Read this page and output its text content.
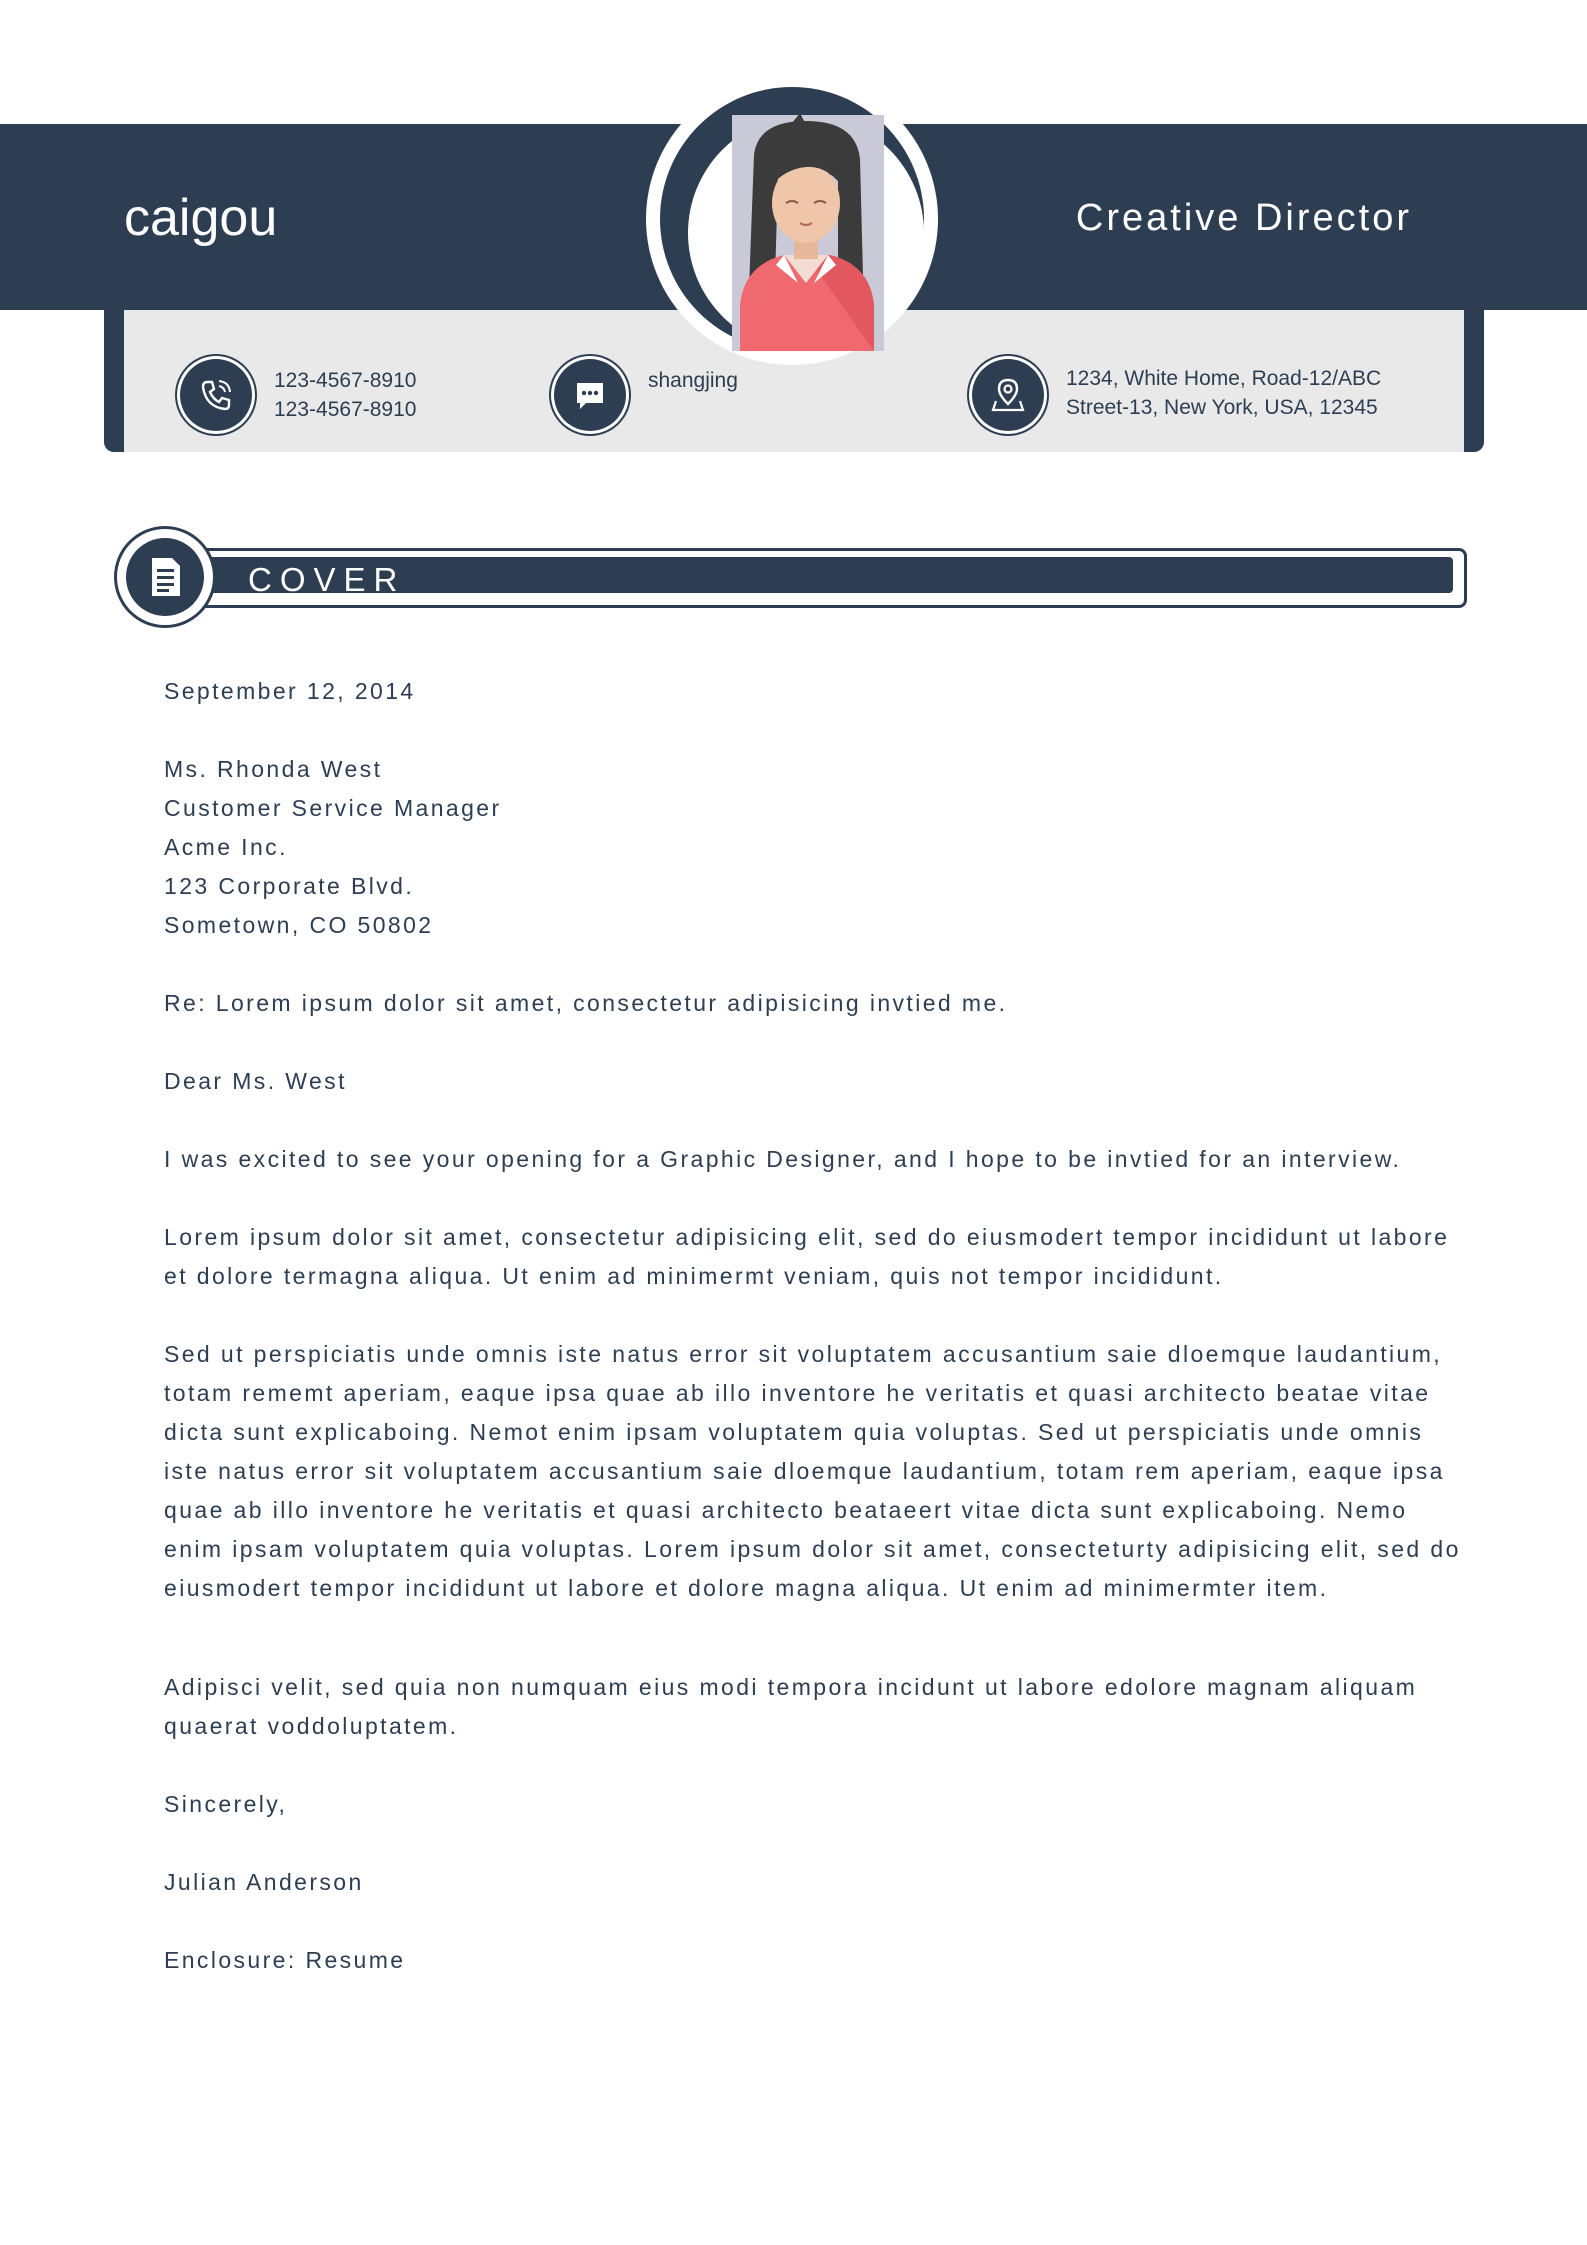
caigou	Creative Director
123-4567-8910
123-4567-8910
shangjing	1234, White Home, Road-12/ABC
Street-13, New York, USA, 12345
COVER

September 12, 2014

Ms. Rhonda West

Customer Service Manager

Acme Inc.

123 Corporate Blvd.

Sometown, CO 50802

Re: Lorem ipsum dolor sit amet, consectetur adipisicing invtied me.

Dear Ms. West

I was excited to see your opening for a Graphic Designer, and I hope to be invtied for an interview.

Lorem ipsum dolor sit amet, consectetur adipisicing elit, sed do eiusmodert tempor incididunt ut labore et dolore termagna aliqua. Ut enim ad minimermt veniam, quis not tempor incididunt.

Sed ut perspiciatis unde omnis iste natus error sit voluptatem accusantium saie dloemque laudantium, totam rememt aperiam, eaque ipsa quae ab illo inventore he veritatis et quasi architecto beatae vitae dicta sunt explicaboing. Nemot enim ipsam voluptatem quia voluptas. Sed ut perspiciatis unde omnis iste natus error sit voluptatem accusantium saie dloemque laudantium, totam rem aperiam, eaque ipsa quae ab illo inventore he veritatis et quasi architecto beataeert vitae dicta sunt explicaboing. Nemo enim ipsam voluptatem quia voluptas. Lorem ipsum dolor sit amet, consecteturty adipisicing elit, sed do eiusmodert tempor incididunt ut labore et dolore magna aliqua. Ut enim ad minimermter item.

Adipisci velit, sed quia non numquam eius modi tempora incidunt ut labore edolore magnam aliquam quaerat voddoluptatem.

Sincerely,

Julian Anderson

Enclosure: Resume
